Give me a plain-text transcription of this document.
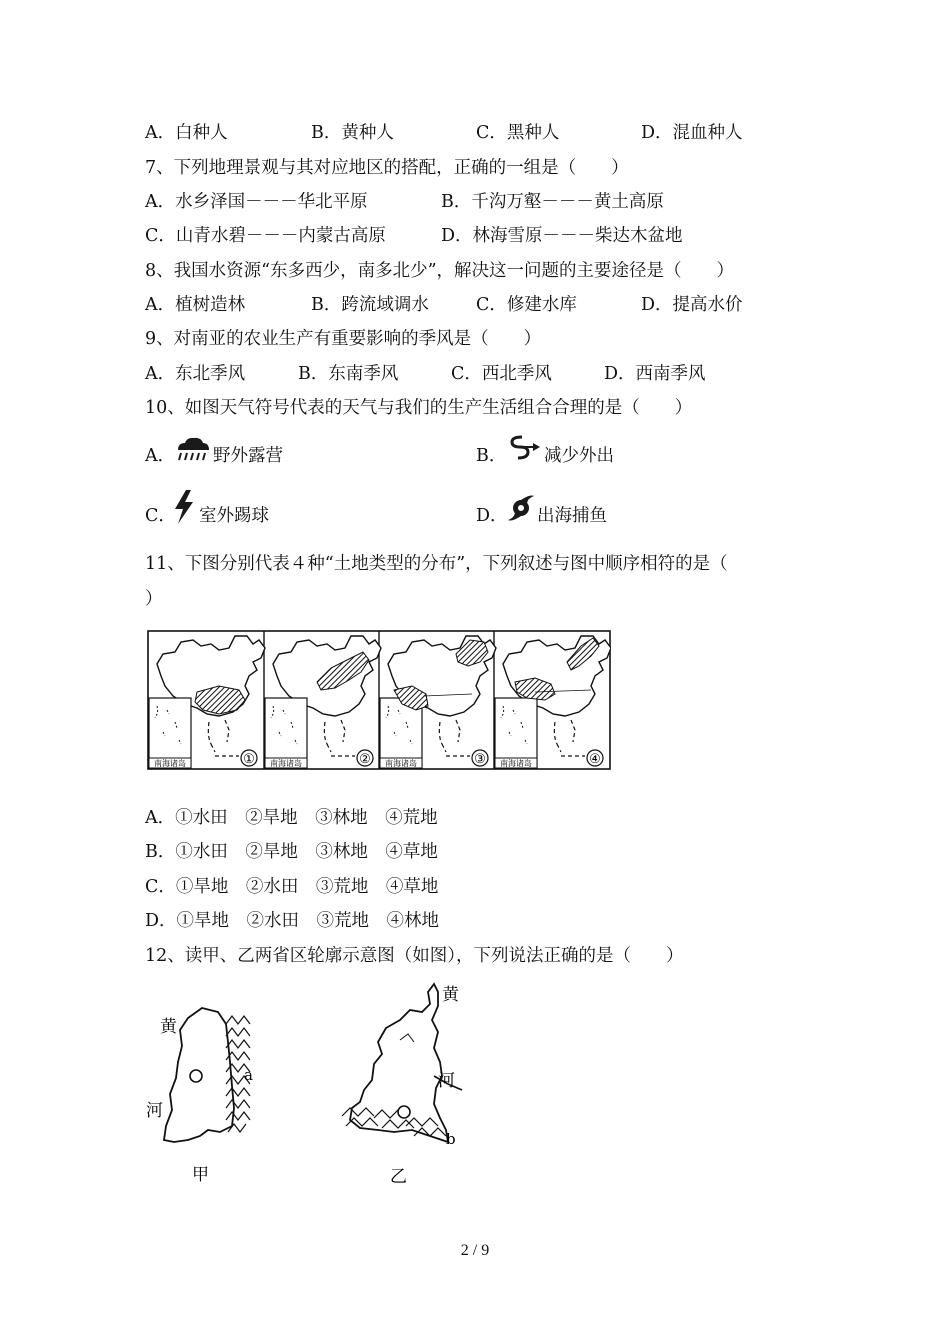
A．白种人	B．黄种人	C．黑种人	D．混血种人
7、下列地理景观与其对应地区的搭配，正确的一组是（　　）
A．水乡泽国－－－华北平原	B．千沟万壑－－－黄土高原
C．山青水碧－－－内蒙古高原	D．林海雪原－－－柴达木盆地
8、我国水资源“东多西少，南多北少”，解决这一问题的主要途径是（　　）
A．植树造林	B．跨流域调水	C．修建水库	D．提高水价
9、对南亚的农业生产有重要影响的季风是（　　）
A．东北季风	B．东南季风	C．西北季风	D．西南季风
10、如图天气符号代表的天气与我们的生产生活组合合理的是（　　）
A． 野外露营	B． 减少外出
C． 室外踢球	D． 出海捕鱼
11、下图分别代表４种“土地类型的分布”，下列叙述与图中顺序相符的是（
）
①
南海诸岛	②
南海诸岛	③
南海诸岛	④
南海诸岛
A．①水田　②旱地　③林地　④荒地
B．①水田　②旱地　③林地　④草地
C．①旱地　②水田　③荒地　④草地
D．①旱地　②水田　③荒地　④林地
12、读甲、乙两省区轮廓示意图（如图），下列说法正确的是（　　）
黄
河
a
甲
黄
河
b
乙
2 / 9
